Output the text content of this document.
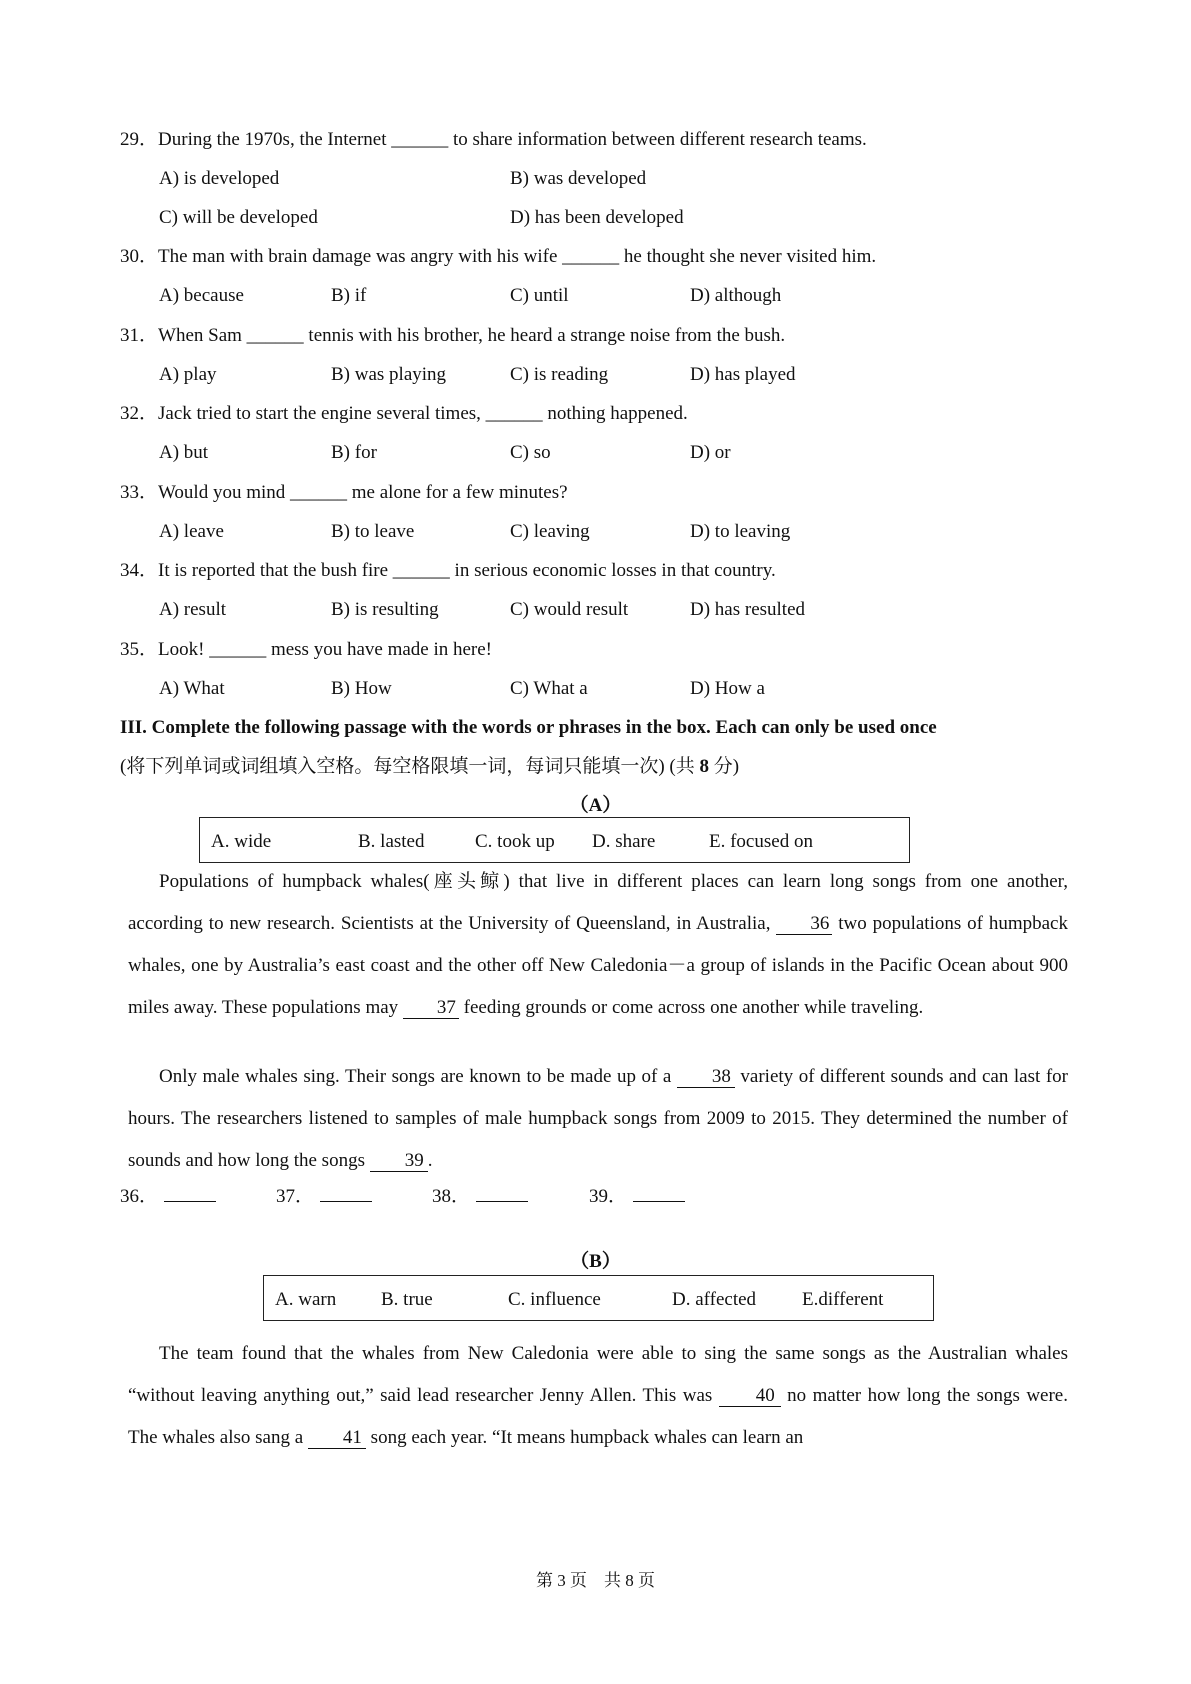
29．During the 1970s, the Internet ______ to share information between different research teams.
A) is developed	B) was developed
C) will be developed	D) has been developed
30．The man with brain damage was angry with his wife ______ he thought she never visited him.
A) because	B) if	C) until	D) although
31．When Sam ______ tennis with his brother, he heard a strange noise from the bush.
A) play	B) was playing	C) is reading	D) has played
32．Jack tried to start the engine several times, ______ nothing happened.
A) but	B) for	C) so	D) or
33．Would you mind ______ me alone for a few minutes?
A) leave	B) to leave	C) leaving	D) to leaving
34．It is reported that the bush fire ______ in serious economic losses in that country.
A) result	B) is resulting	C) would result	D) has resulted
35．Look! ______ mess you have made in here!
A) What	B) How	C) What a	D) How a
III. Complete the following passage with the words or phrases in the box. Each can only be used once
(将下列单词或词组填入空格。每空格限填一词，每词只能填一次) (共 8 分)
（A）
A. wide	B. lasted	C. took up D. share	E. focused on
Populations of humpback whales(座头鲸) that live in different places can learn long songs from one another, according to new research. Scientists at the University of Queensland, in Australia, 36 two populations of humpback whales, one by Australia’s east coast and the other off New Caledonia－a group of islands in the Pacific Ocean about 900 miles away. These populations may 37 feeding grounds or come across one another while traveling.
Only male whales sing. Their songs are known to be made up of a 38 variety of different sounds and can last for hours. The researchers listened to samples of male humpback songs from 2009 to 2015. They determined the number of sounds and how long the songs 39 .
36．	37．	38．	39．
（B）
A. warn B. true	C. influence	D. affected E.different
The team found that the whales from New Caledonia were able to sing the same songs as the Australian whales “without leaving anything out,” said lead researcher Jenny Allen. This was 40 no matter how long the songs were. The whales also sang a 41 song each year. “It means humpback whales can learn an
第 3 页　共 8 页
